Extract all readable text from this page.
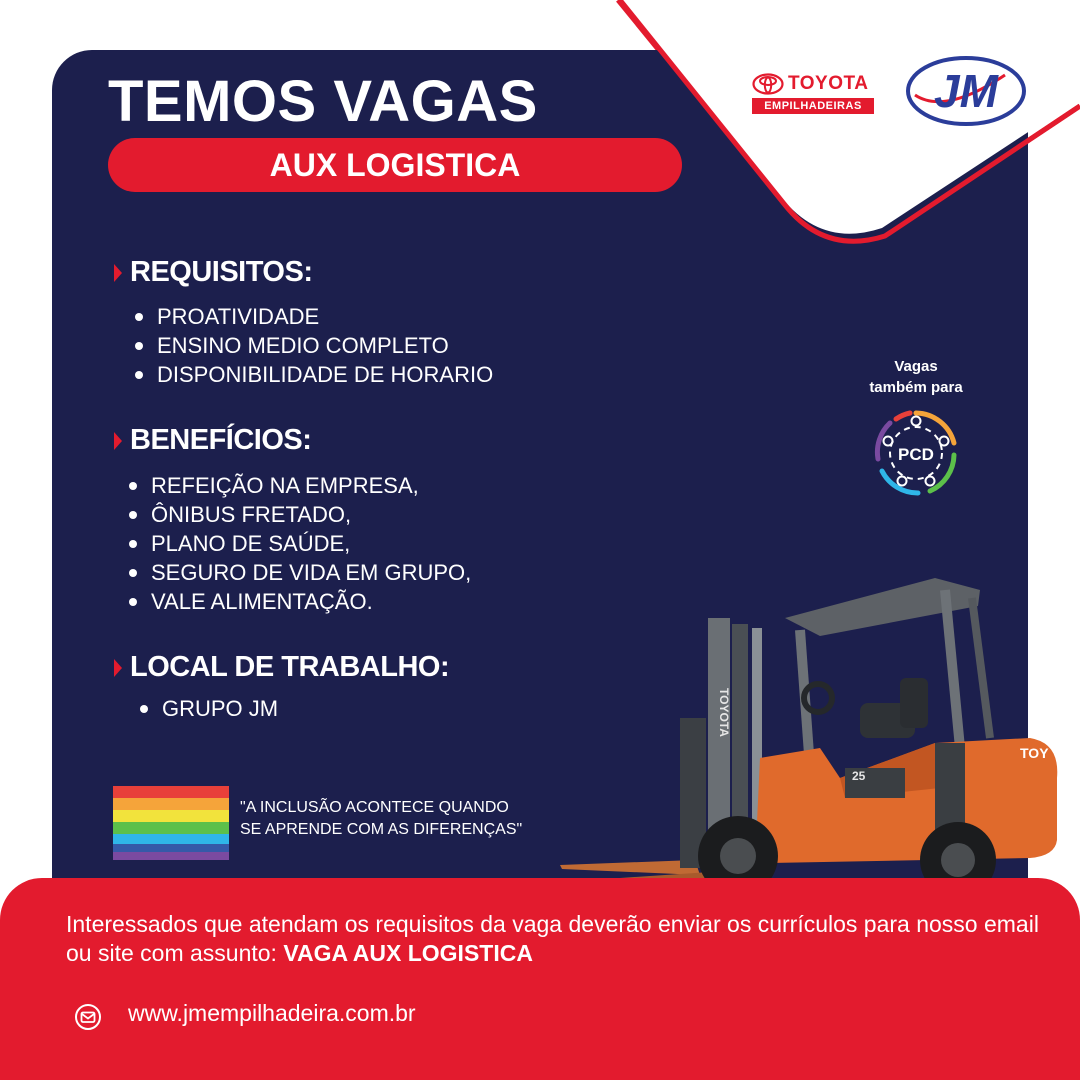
TEMOS VAGAS
AUX LOGISTICA
TOYOTA
EMPILHADEIRAS JM
REQUISITOS:
PROATIVIDADE
ENSINO MEDIO COMPLETO
DISPONIBILIDADE DE HORARIO
BENEFÍCIOS:
REFEIÇÃO NA EMPRESA,
ÔNIBUS FRETADO,
PLANO DE SAÚDE,
SEGURO DE VIDA EM GRUPO,
VALE ALIMENTAÇÃO.
LOCAL DE TRABALHO:
GRUPO JM
Vagas
também para
PCD
"A INCLUSÃO ACONTECE QUANDO
SE APRENDE COM AS DIFERENÇAS"
TOYOTA
25
TOY
Interessados que atendam os requisitos da vaga deverão enviar os currículos para nosso email ou site com assunto: VAGA AUX LOGISTICA
www.jmempilhadeira.com.br
